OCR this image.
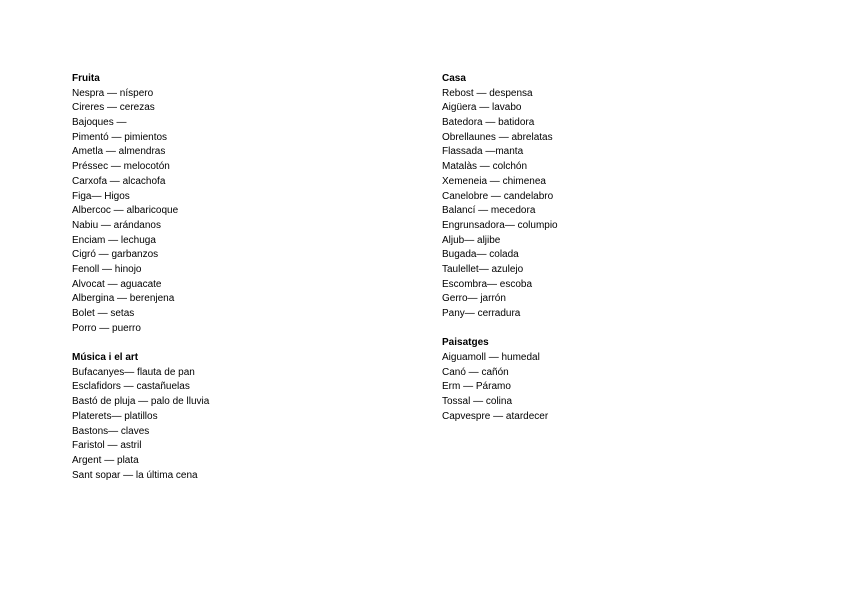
Fruita
Nespra — níspero
Cireres — cerezas
Bajoques —
Pimentó — pimientos
Ametla — almendras
Préssec — melocotón
Carxofa — alcachofa
Figa— Higos
Albercoc — albaricoque
Nabiu — arándanos
Enciam — lechuga
Cigró — garbanzos
Fenoll — hinojo
Alvocat — aguacate
Albergina — berenjena
Bolet — setas
Porro — puerro
Música i el art
Bufacanyes— flauta de pan
Esclafidors — castañuelas
Bastó de pluja — palo de lluvia
Platerets— platillos
Bastons— claves
Faristol — astril
Argent — plata
Sant sopar — la última cena
Casa
Rebost — despensa
Aigüera — lavabo
Batedora — batidora
Obrellaunes — abrelatas
Flassada —manta
Matalàs — colchón
Xemeneia — chimenea
Canelobre — candelabro
Balancí — mecedora
Engrunsadora— columpio
Aljub— aljibe
Bugada— colada
Taulellet— azulejo
Escombra— escoba
Gerro— jarrón
Pany— cerradura
Paisatges
Aiguamoll — humedal
Canó — cañón
Erm — Páramo
Tossal — colina
Capvespre — atardecer
